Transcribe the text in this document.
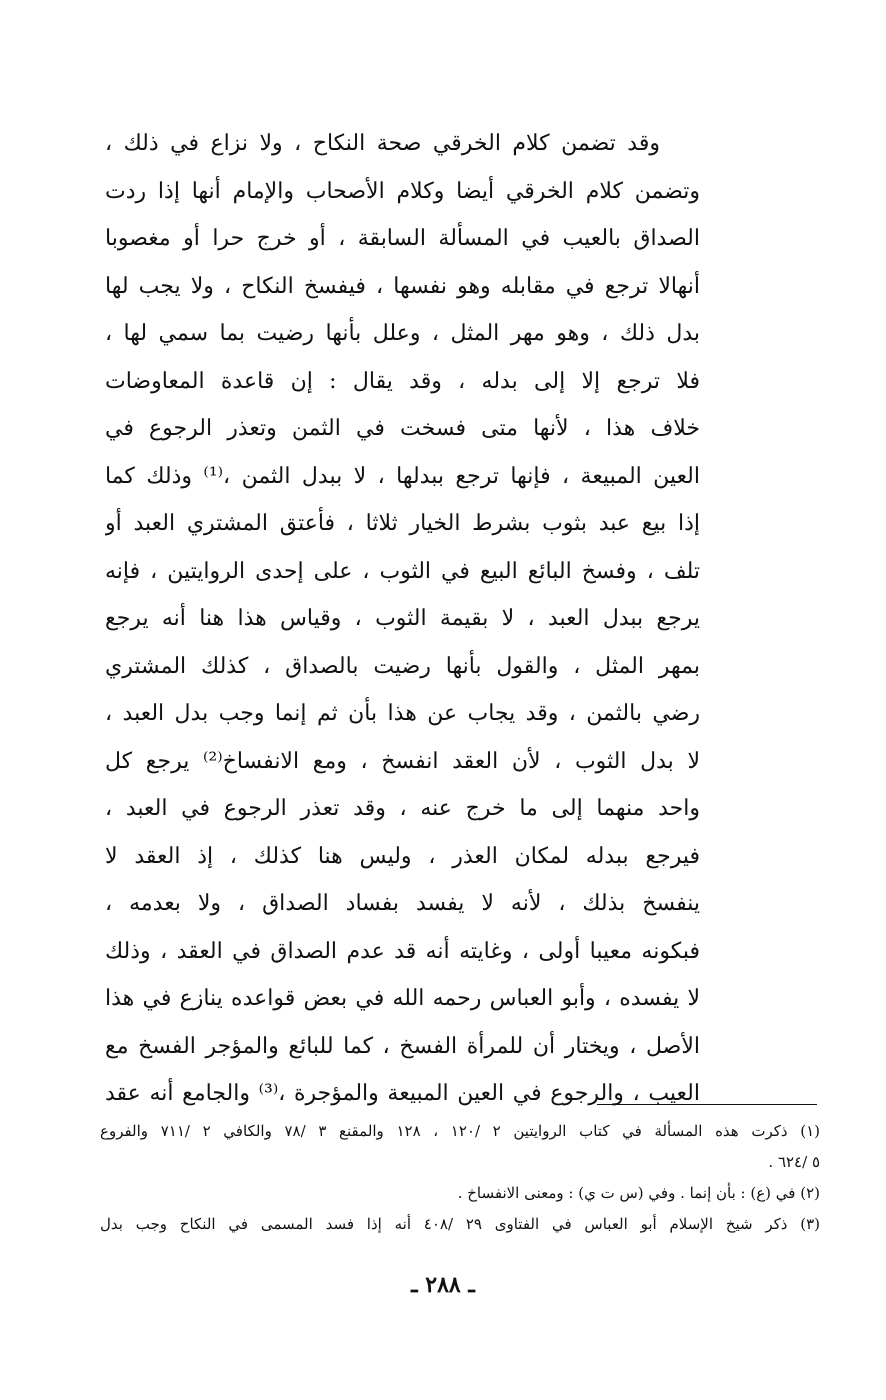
وقد تضمن كلام الخرقي صحة النكاح ، ولا نزاع في ذلك ،
وتضمن كلام الخرقي أيضا وكلام الأصحاب والإمام أنها إذا ردت
الصداق بالعيب في المسألة السابقة ، أو خرج حرا أو مغصوبا
أنهالا ترجع في مقابله وهو نفسها ، فيفسخ النكاح ، ولا يجب لها
بدل ذلك ، وهو مهر المثل ، وعلل بأنها رضيت بما سمي لها ،
فلا ترجع إلا إلى بدله ، وقد يقال : إن قاعدة المعاوضات
خلاف هذا ، لأنها متى فسخت في الثمن وتعذر الرجوع في
العين المبيعة ، فإنها ترجع ببدلها ، لا ببدل الثمن ،⁽¹⁾ وذلك كما
إذا بيع عبد بثوب بشرط الخيار ثلاثا ، فأعتق المشتري العبد أو
تلف ، وفسخ البائع البيع في الثوب ، على إحدى الروايتين ، فإنه
يرجع ببدل العبد ، لا بقيمة الثوب ، وقياس هذا هنا أنه يرجع
بمهر المثل ، والقول بأنها رضيت بالصداق ، كذلك المشتري
رضي بالثمن ، وقد يجاب عن هذا بأن ثم إنما وجب بدل العبد ،
لا بدل الثوب ، لأن العقد انفسخ ، ومع الانفساخ⁽²⁾ يرجع كل
واحد منهما إلى ما خرج عنه ، وقد تعذر الرجوع في العبد ،
فيرجع ببدله لمكان العذر ، وليس هنا كذلك ، إذ العقد لا
ينفسخ بذلك ، لأنه لا يفسد بفساد الصداق ، ولا بعدمه ،
فبكونه معيبا أولى ، وغايته أنه قد عدم الصداق في العقد ، وذلك
لا يفسده ، وأبو العباس رحمه الله في بعض قواعده ينازع في هذا
الأصل ، ويختار أن للمرأة الفسخ ، كما للبائع والمؤجر الفسخ مع
العيب ، والرجوع في العين المبيعة والمؤجرة ،⁽³⁾ والجامع أنه عقد
(١) ذكرت هذه المسألة في كتاب الروايتين ٢ /١٢٠ ، ١٢٨ والمقنع ٣ /٧٨ والكافي ٢ /٧١١ والفروع
٥ /٦٢٤ .
(٢) في (ع) : بأن إنما . وفي (س ت ي) : ومعنى الانفساخ .
(٣) ذكر شيخ الإسلام أبو العباس في الفتاوى ٢٩ /٤٠٨ أنه إذا فسد المسمى في النكاح وجب بدل
ـ ٢٨٨ ـ
